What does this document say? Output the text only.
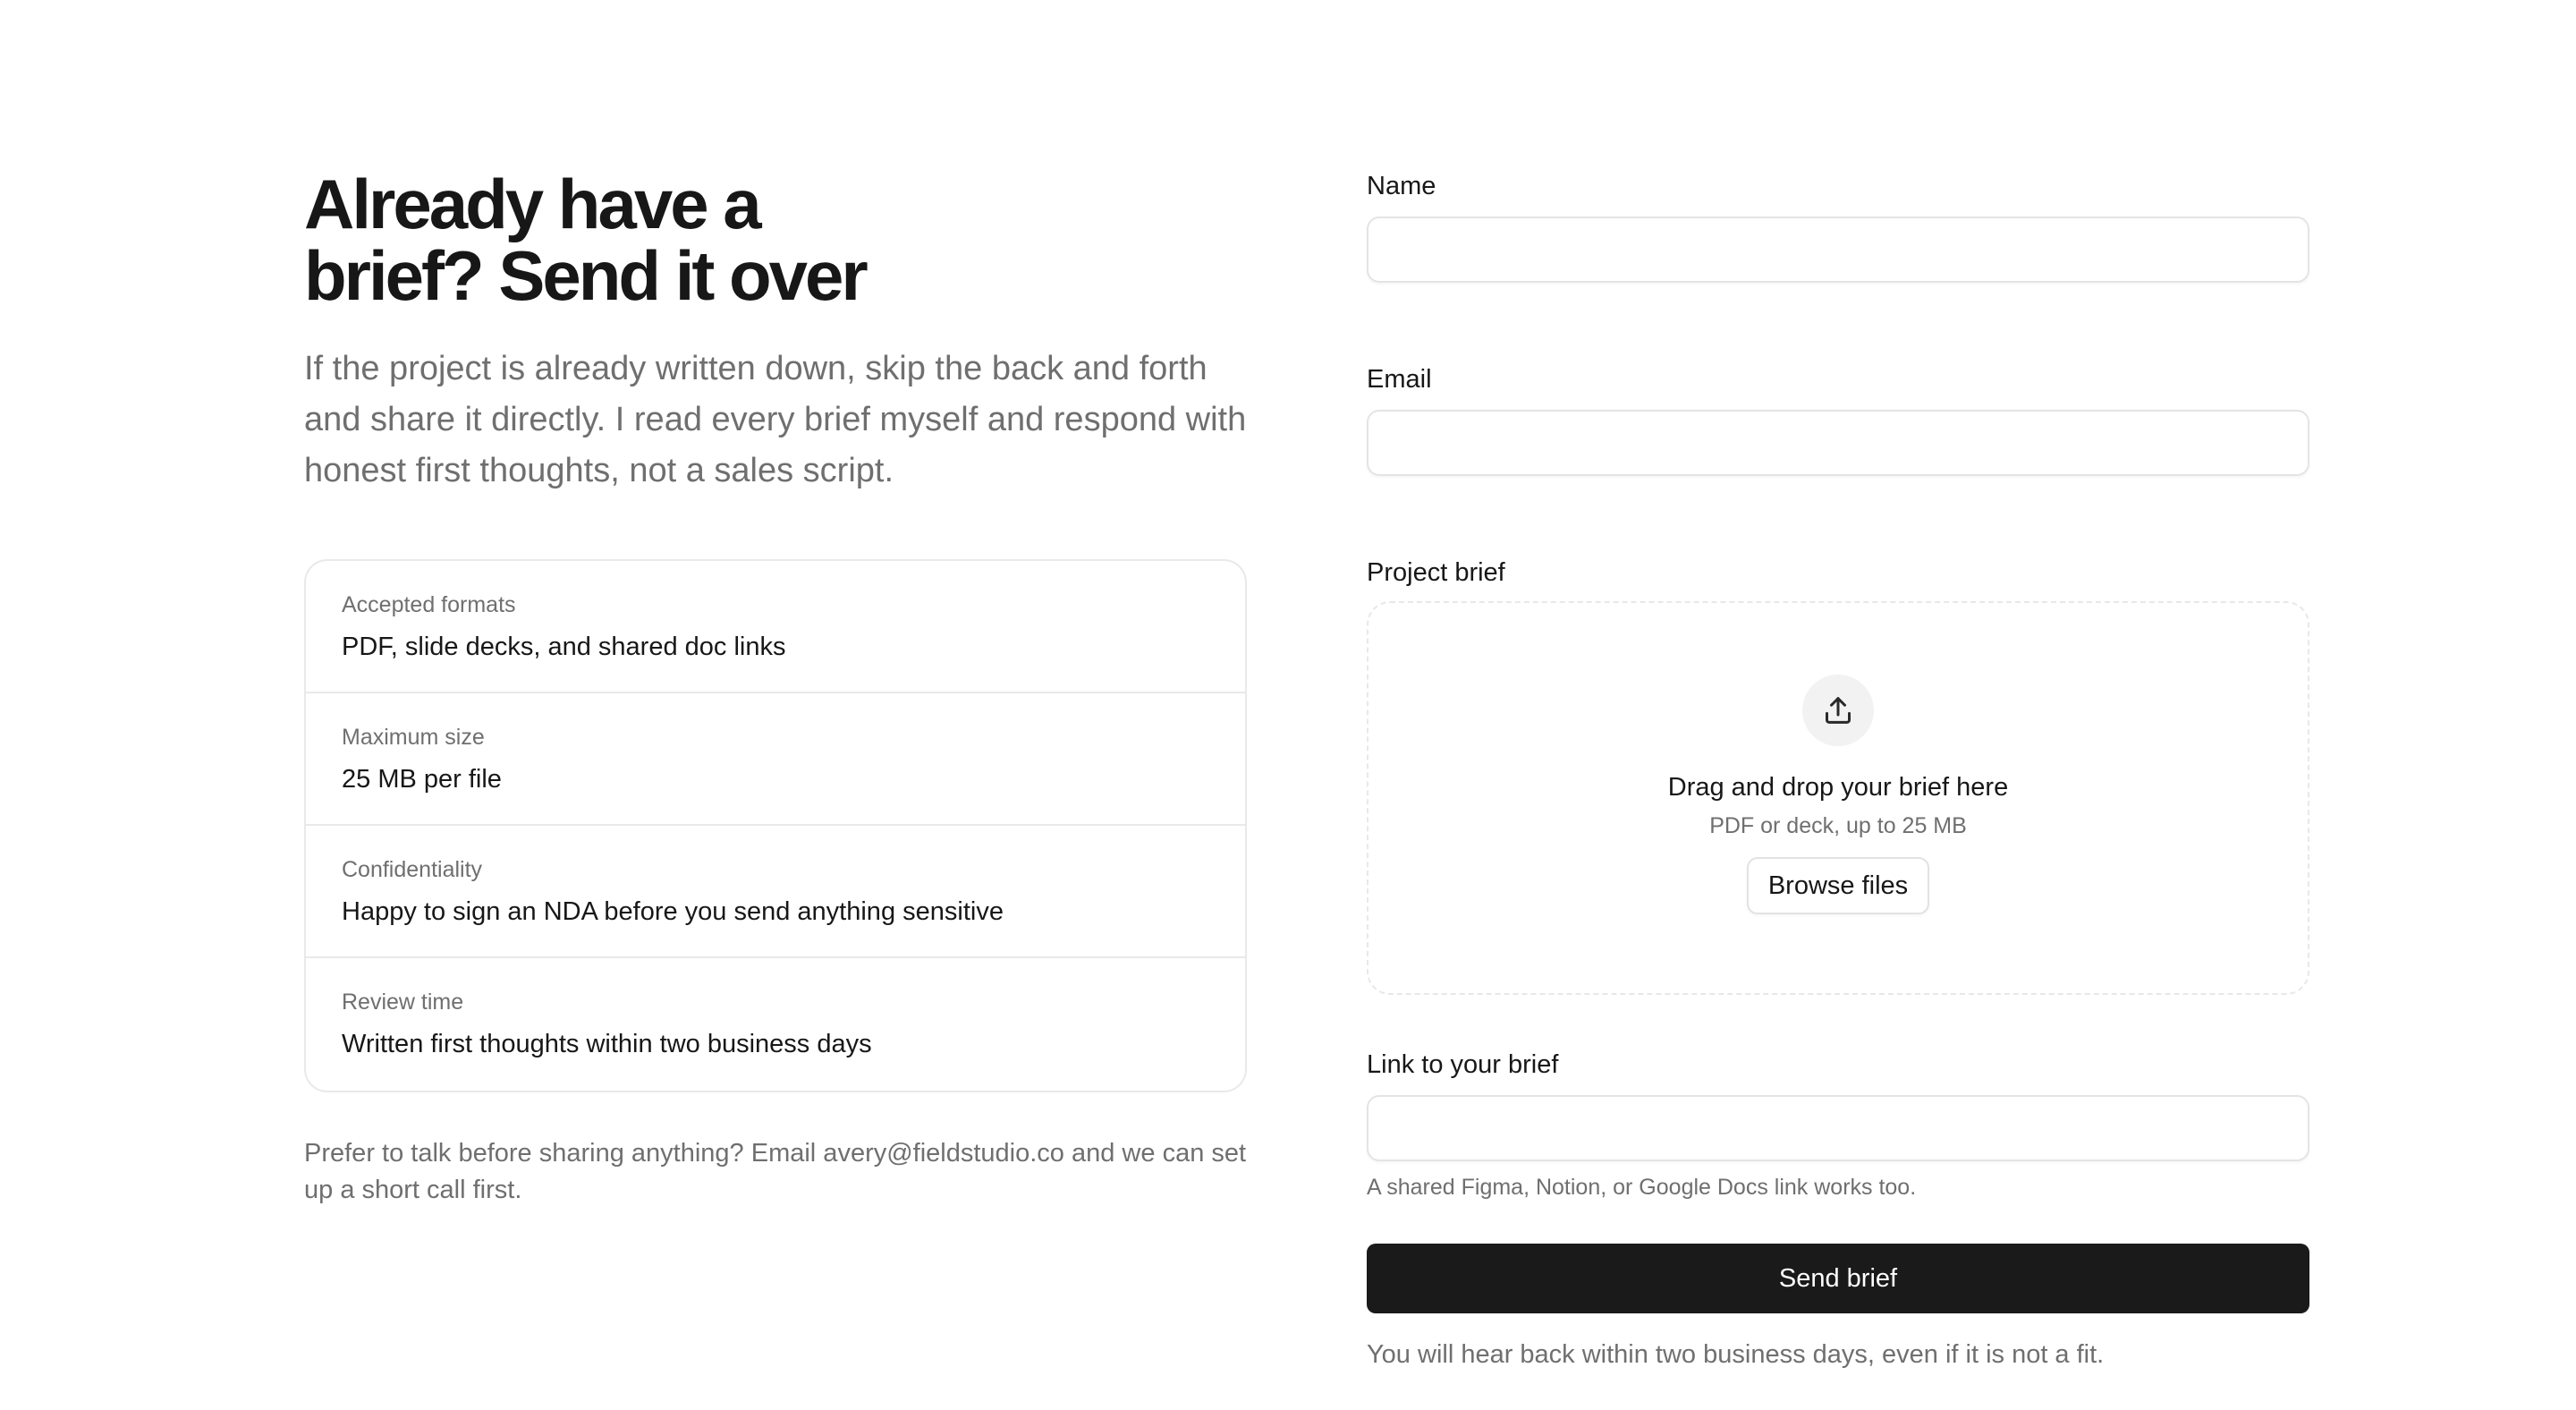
Already have a brief? Send it over

If the project is already written down, skip the back and forth and share it directly. I read every brief myself and respond with honest first thoughts, not a sales script.

Accepted formats
PDF, slide decks, and shared doc links
Maximum size
25 MB per file
Confidentiality
Happy to sign an NDA before you send anything sensitive
Review time
Written first thoughts within two business days

Prefer to talk before sharing anything? Email avery@fieldstudio.co and we can set up a short call first.

Name
Email
Project brief
Drag and drop your brief here
PDF or deck, up to 25 MB
Browse files
Link to your brief
A shared Figma, Notion, or Google Docs link works too.
Send brief

You will hear back within two business days, even if it is not a fit.
